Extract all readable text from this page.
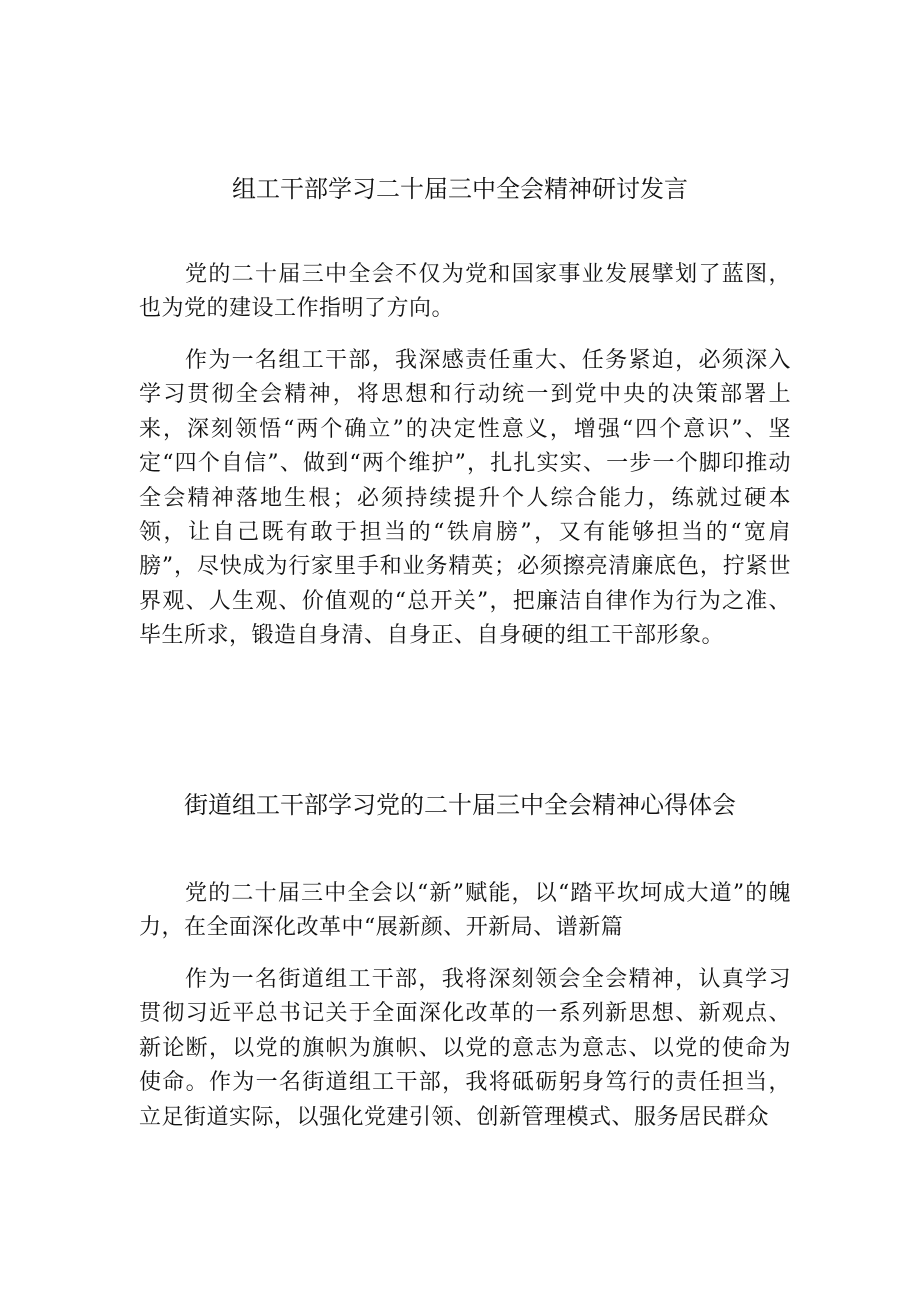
组工干部学习二十届三中全会精神研讨发言

党的二十届三中全会不仅为党和国家事业发展擘划了蓝图，也为党的建设工作指明了方向。

作为一名组工干部，我深感责任重大、任务紧迫，必须深入学习贯彻全会精神，将思想和行动统一到党中央的决策部署上来，深刻领悟“两个确立”的决定性意义，增强“四个意识”、坚定“四个自信”、做到“两个维护”，扎扎实实、一步一个脚印推动全会精神落地生根；必须持续提升个人综合能力，练就过硬本领，让自己既有敢于担当的“铁肩膀”，又有能够担当的“宽肩膀”，尽快成为行家里手和业务精英；必须擦亮清廉底色，拧紧世界观、人生观、价值观的“总开关”，把廉洁自律作为行为之准、毕生所求，锻造自身清、自身正、自身硬的组工干部形象。

街道组工干部学习党的二十届三中全会精神心得体会

党的二十届三中全会以“新”赋能，以“踏平坎坷成大道”的魄力，在全面深化改革中“展新颜、开新局、谱新篇

作为一名街道组工干部，我将深刻领会全会精神，认真学习贯彻习近平总书记关于全面深化改革的一系列新思想、新观点、新论断，以党的旗帜为旗帜、以党的意志为意志、以党的使命为使命。作为一名街道组工干部，我将砥砺躬身笃行的责任担当，立足街道实际，以强化党建引领、创新管理模式、服务居民群众
